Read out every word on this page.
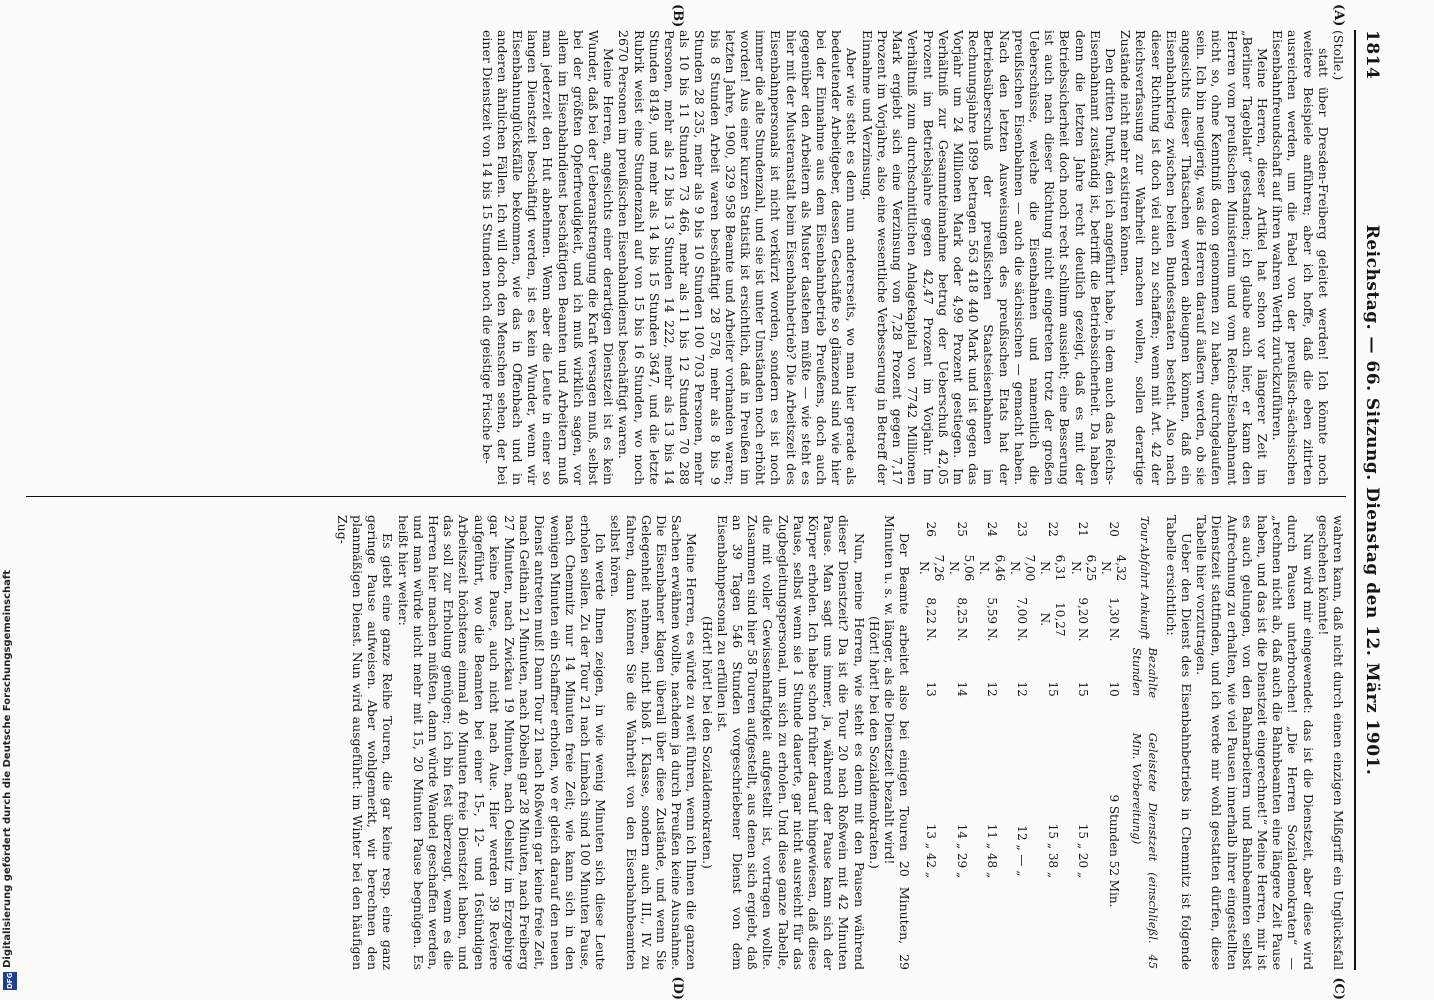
1814
Reichstag. — 66. Sitzung. Dienstag den 12. März 1901.
(A)
(B)
(C)
(D)

(Stolle.)

statt über Dresden-Freiberg geleitet werden! Ich könnte noch weitere Beispiele anführen; aber ich hoffe, daß die eben zitirten ausreichen werden, um die Fabel von der preußisch-sächsischen Eisenbahnfreundschaft auf ihren wahren Werth zurückzuführen.

Meine Herren, dieser Artikel hat schon vor längerer Zeit im „Berliner Tageblatt“ gestanden; ich glaube auch hier, er kann den Herren vom preußischen Ministerium und vom Reichs-Eisenbahnamt nicht so, ohne Kenntniß davon genommen zu haben, durchgelaufen sein. Ich bin neugierig, was die Herren darauf äußern werden, ob sie angesichts dieser Thatsachen werden ableugnen können, daß ein Eisenbahnkrieg zwischen beiden Bundesstaaten besteht. Also nach dieser Richtung ist doch viel auch zu schaffen; wenn mit Art. 42 der Reichsverfassung zur Wahrheit machen wollen, sollen derartige Zustände nicht mehr existiren können.

Den dritten Punkt, den ich angeführt habe, in dem auch das Reichs-Eisenbahnamt zuständig ist, betrifft die Betriebssicherheit. Da haben denn die letzten Jahre recht deutlich gezeigt, daß es mit der Betriebssicherheit doch noch recht schlimm aussieht; eine Besserung ist auch nach dieser Richtung nicht eingetreten trotz der großen Ueberschüsse, welche die Eisenbahnen und namentlich die preußischen Eisenbahnen — auch die sächsischen — gemacht haben. Nach den letzten Ausweisungen des preußischen Etats hat der Betriebsüberschuß der preußischen Staatseisenbahnen im Rechnungsjahre 1899 betragen 563 418 440 Mark und ist gegen das Vorjahr um 24 Millionen Mark oder 4,99 Prozent gestiegen. Im Verhältniß zur Gesammteinnahme betrug der Ueberschuß 42,05 Prozent im Betriebsjahre gegen 42,47 Prozent im Vorjahr. Im Verhältniß zum durchschnittlichen Anlagekapital von 7742 Millionen Mark ergiebt sich eine Verzinsung von 7,28 Prozent gegen 7,17 Prozent im Vorjahre, also eine wesentliche Verbesserung in Betreff der Einnahme und Verzinsung.

Aber wie steht es denn nun andererseits, wo man hier gerade als bedeutender Arbeitgeber, dessen Geschäfte so glänzend sind wie hier bei der Einnahme aus dem Eisenbahnbetrieb Preußens, doch auch gegenüber den Arbeitern als Muster dastehen müßte — wie steht es hier mit der Musteranstalt beim Eisenbahnbetrieb? Die Arbeitszeit des Eisenbahnpersonals ist nicht verkürzt worden, sondern es ist noch immer die alte Stundenzahl, und sie ist unter Umständen noch erhöht worden! Aus einer kurzen Statistik ist ersichtlich, daß in Preußen im letzten Jahre, 1900, 329 958 Beamte und Arbeiter vorhanden waren; bis 8 Stunden Arbeit waren beschäftigt 28 578, mehr als 8 bis 9 Stunden 28 235, mehr als 9 bis 10 Stunden 100 703 Personen, mehr als 10 bis 11 Stunden 73 466, mehr als 11 bis 12 Stunden 70 288 Personen, mehr als 12 bis 13 Stunden 14 222, mehr als 13 bis 14 Stunden 8149, und mehr als 14 bis 15 Stunden 3647, und die letzte Rubrik weist eine Stundenzahl auf von 15 bis 16 Stunden, wo noch 2670 Personen im preußischen Eisenbahndienst beschäftigt waren.

Meine Herren, angesichts einer derartigen Dienstzeit ist es kein Wunder, daß bei der Ueberanstrengung die Kraft versagen muß, selbst bei der größten Opferfreudigkeit, und ich muß wirklich sagen, vor allem im Eisenbahndienst beschäftigten Beamten und Arbeitern muß man jederzeit den Hut abnehmen. Wenn aber die Leute in einer so langen Dienstzeit beschäftigt werden, ist es kein Wunder, wenn wir Eisenbahnunglücksfälle bekommen, wie das in Offenbach und in anderen ähnlichen Fällen. Ich will doch den Menschen sehen, der bei einer Dienstzeit von 14 bis 15 Stunden noch die geistige Frische be-

wahren kann, daß nicht durch einen einzigen Mißgriff ein Unglücksfall geschehen könnte!

Nun wird mir eingewendet: das ist die Dienstzeit, aber diese wird durch Pausen unterbrochen! „Die Herren Sozialdemokraten“ — „rechnen nicht ab, daß auch die Bahnbeamten eine längere Zeit Pause haben, und das ist die Dienstzeit eingerechnet!“ Meine Herren, mir ist es auch gelungen, von den Bahnarbeitern und Bahnbeamten selbst Aufrechnung zu erhalten, wie viel Pausen innerhalb ihrer eingestellten Dienstzeit stattfinden, und ich werde mir wohl gestatten dürfen, diese Tabelle hier vorzutragen.

Ueber den Dienst des Eisenbahnbetriebs in Chemnitz ist folgende Tabelle ersichtlich:

Tour	Abfahrt	Ankunft	Bezahlte Stunden	Geleistete Dienstzeit (einschließl. 45 Min. Vorbereitung)
20	4,32 N.	1,30 N.	10	9 Stunden 52 Min.
21	6,25 N.	9,20 N.	15	15 „ 20 „
22	6,31 N.	10,27 N.	15	15 „ 38 „
23	7,00 N.	7,00 N.	12	12 „ — „
24	6,46 N.	5,59 N.	12	11 „ 48 „
25	5,06 N.	8,25 N.	14	14 „ 29 „
26	7,26 N.	8,22 N.	13	13 „ 42 „

Der Beamte arbeitet also bei einigen Touren 20 Minuten, 29 Minuten u. s. w. länger, als die Dienstzeit bezahlt wird!

(Hört! hört! bei den Sozialdemokraten.)

Nun, meine Herren, wie steht es denn mit den Pausen während dieser Dienstzeit? Da ist die Tour 20 nach Roßwein mit 42 Minuten Pause. Man sagt uns immer, ja, während der Pause kann sich der Körper erholen. Ich habe schon früher darauf hingewiesen, daß diese Pause, selbst wenn sie 1 Stunde dauerte, gar nicht ausreicht für das Zugbegleitungspersonal, um sich zu erholen. Und diese ganze Tabelle, die mit voller Gewissenhaftigkeit aufgestellt ist, vortragen wollte. Zusammen sind hier 58 Touren aufgestellt, aus denen sich ergiebt, daß an 39 Tagen 546 Stunden vorgeschriebener Dienst von dem Eisenbahnpersonal zu erfüllen ist.

(Hört! hört! bei den Sozialdemokraten.)

Meine Herren, es würde zu weit führen, wenn ich Ihnen die ganzen Sachen erwähnen wollte, nachdem ja durch Preußen keine Ausnahme. Die Eisenbahner klagen überall über diese Zustände, und wenn Sie Gelegenheit nehmen, nicht bloß I. Klasse, sondern auch III., IV. zu fahren, dann können Sie die Wahrheit von den Eisenbahnbeamten selbst hören.

Ich werde Ihnen zeigen, in wie wenig Minuten sich diese Leute erholen sollen. Zu der Tour 21 nach Limbach sind 100 Minuten Pause, nach Chemnitz nur 14 Minuten freie Zeit; wie kann sich in den wenigen Minuten ein Schaffner erholen, wo er gleich darauf den neuen Dienst antreten muß! Dann Tour 21 nach Roßwein gar keine freie Zeit, nach Geithain 21 Minuten, nach Döbeln gar 28 Minuten, nach Freiberg 27 Minuten, nach Zwickau 19 Minuten, nach Oelsnitz im Erzgebirge gar keine Pause, auch nicht nach Aue. Hier werden 39 Reviere aufgeführt, wo die Beamten bei einer 15-, 12- und 16stündigen Arbeitszeit höchstens einmal 40 Minuten freie Dienstzeit haben, und das soll zur Erholung genügen; ich bin fest überzeugt, wenn es die Herren hier machen müßten, dann würde Wandel geschaffen werden, und man würde nicht mehr mit 15, 20 Minuten Pause begnügen. Es heißt hier weiter:

Es giebt eine ganze Reihe Touren, die gar keine resp. eine ganz geringe Pause aufweisen. Aber wohlgemerkt, wir berechnen den planmäßigen Dienst. Nun wird ausgeführt: im Winter bei den häufigen Zug-

Digitalisierung gefördert durch die Deutsche Forschungsgemeinschaft
DFG
